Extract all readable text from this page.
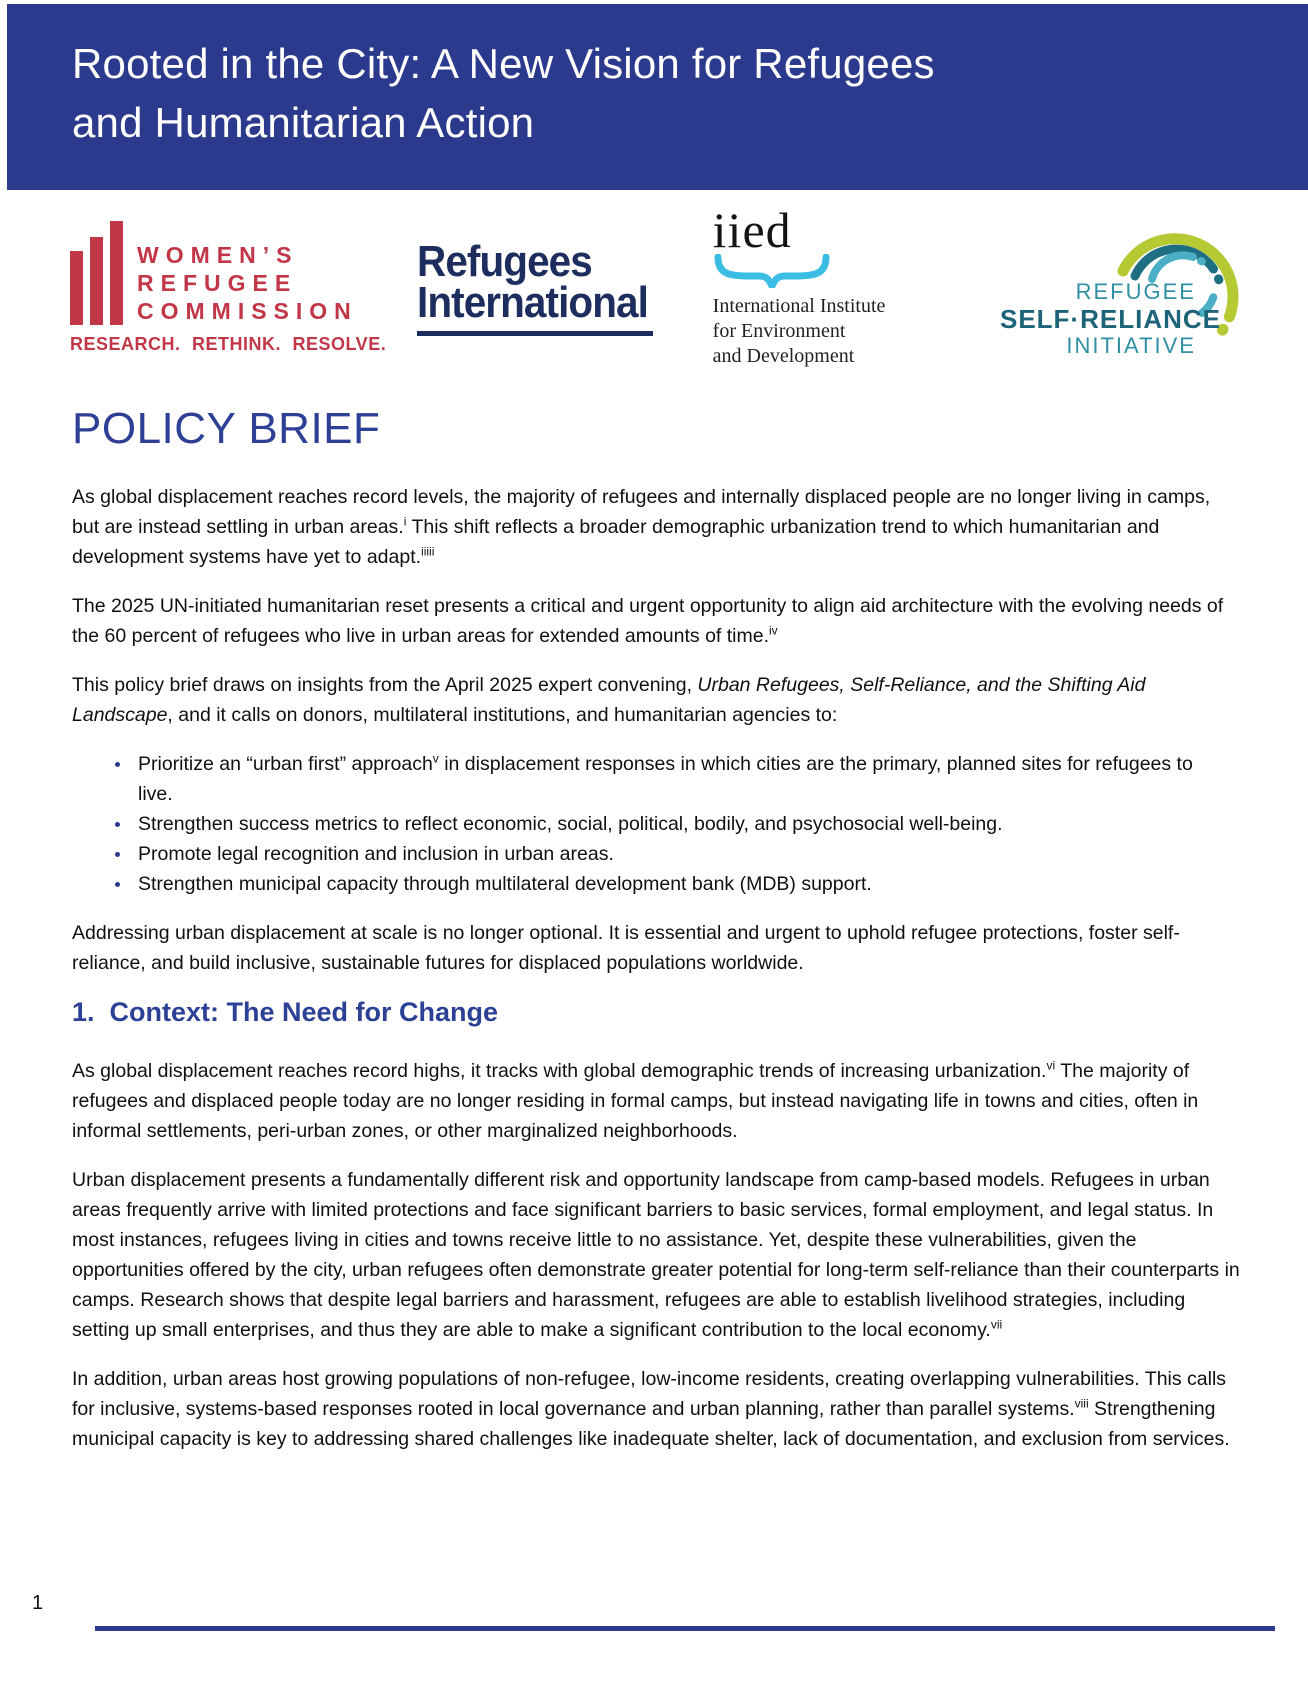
Rooted in the City: A New Vision for Refugees
and Humanitarian Action
WOMEN’S
REFUGEE
COMMISSION
RESEARCH. RETHINK. RESOLVE.
Refugees
International
iied
International Institute
for Environment
and Development
REFUGEE
SELF·RELIANCE
INITIATIVE
POLICY BRIEF

As global displacement reaches record levels, the majority of refugees and internally displaced people are no longer living in camps, but are instead settling in urban areas.$^i$ This shift reflects a broader demographic urbanization trend to which humanitarian and development systems have yet to adapt.$^{iiiii}$

The 2025 UN-initiated humanitarian reset presents a critical and urgent opportunity to align aid architecture with the evolving needs of the 60 percent of refugees who live in urban areas for extended amounts of time.$^{iv}$

This policy brief draws on insights from the April 2025 expert convening, Urban Refugees, Self-Reliance, and the Shifting Aid Landscape, and it calls on donors, multilateral institutions, and humanitarian agencies to:

• Prioritize an “urban first” approach$^v$ in displacement responses in which cities are the primary, planned sites for refugees to live.
• Strengthen success metrics to reflect economic, social, political, bodily, and psychosocial well-being.
• Promote legal recognition and inclusion in urban areas.
• Strengthen municipal capacity through multilateral development bank (MDB) support.

Addressing urban displacement at scale is no longer optional. It is essential and urgent to uphold refugee protections, foster self-reliance, and build inclusive, sustainable futures for displaced populations worldwide.

1. Context: The Need for Change

As global displacement reaches record highs, it tracks with global demographic trends of increasing urbanization.$^{vi}$ The majority of refugees and displaced people today are no longer residing in formal camps, but instead navigating life in towns and cities, often in informal settlements, peri-urban zones, or other marginalized neighborhoods.

Urban displacement presents a fundamentally different risk and opportunity landscape from camp-based models. Refugees in urban areas frequently arrive with limited protections and face significant barriers to basic services, formal employment, and legal status. In most instances, refugees living in cities and towns receive little to no assistance. Yet, despite these vulnerabilities, given the opportunities offered by the city, urban refugees often demonstrate greater potential for long-term self-reliance than their counterparts in camps. Research shows that despite legal barriers and harassment, refugees are able to establish livelihood strategies, including setting up small enterprises, and thus they are able to make a significant contribution to the local economy.$^{vii}$

In addition, urban areas host growing populations of non-refugee, low-income residents, creating overlapping vulnerabilities. This calls for inclusive, systems-based responses rooted in local governance and urban planning, rather than parallel systems.$^{viii}$ Strengthening municipal capacity is key to addressing shared challenges like inadequate shelter, lack of documentation, and exclusion from services.

1
